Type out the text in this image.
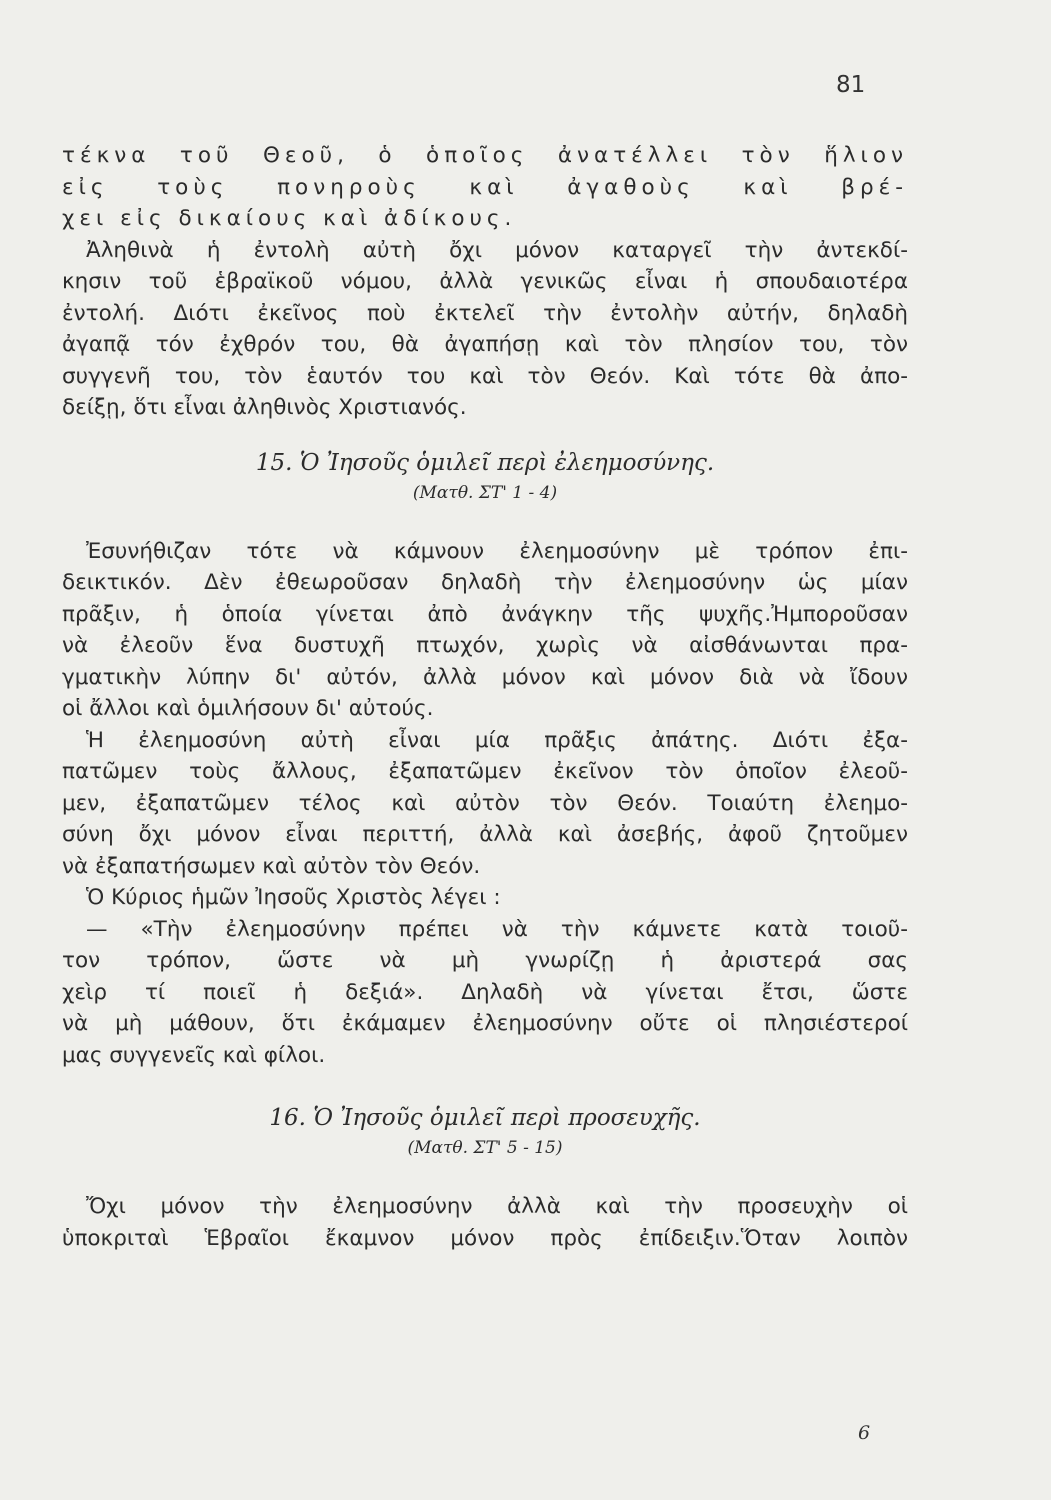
81
τέκνα τοῦ Θεοῦ, ὁ ὁποῖος ἀνατέλλει τὸν ἥλιον
εἰς τοὺς πονηροὺς καὶ ἀγαθοὺς καὶ βρέ-
χει εἰς δικαίους καὶ ἀδίκους.
Ἀληθινὰ ἡ ἐντολὴ αὐτὴ ὄχι μόνον καταργεῖ τὴν ἀντεκδί-
κησιν τοῦ ἑβραϊκοῦ νόμου, ἀλλὰ γενικῶς εἶναι ἡ σπουδαιοτέρα
ἐντολή. Διότι ἐκεῖνος ποὺ ἐκτελεῖ τὴν ἐντολὴν αὐτήν, δηλαδὴ
ἀγαπᾷ τόν ἐχθρόν του, θὰ ἀγαπήσῃ καὶ τὸν πλησίον του, τὸν
συγγενῆ του, τὸν ἑαυτόν του καὶ τὸν Θεόν. Καὶ τότε θὰ ἀπο-
δείξῃ, ὅτι εἶναι ἀληθινὸς Χριστιανός.
15. Ὁ Ἰησοῦς ὁμιλεῖ περὶ ἐλεημοσύνης.
(Ματθ. ΣΤ' 1 - 4)
Ἐσυνήθιζαν τότε νὰ κάμνουν ἐλεημοσύνην μὲ τρόπον ἐπι-
δεικτικόν. Δὲν ἐθεωροῦσαν δηλαδὴ τὴν ἐλεημοσύνην ὡς μίαν
πρᾶξιν, ἡ ὁποία γίνεται ἀπὸ ἀνάγκην τῆς ψυχῆς.Ἠμποροῦσαν
νὰ ἐλεοῦν ἕνα δυστυχῆ πτωχόν, χωρὶς νὰ αἰσθάνωνται πρα-
γματικὴν λύπην δι' αὐτόν, ἀλλὰ μόνον καὶ μόνον διὰ νὰ ἴδουν
οἱ ἄλλοι καὶ ὁμιλήσουν δι' αὐτούς.
Ἡ ἐλεημοσύνη αὐτὴ εἶναι μία πρᾶξις ἀπάτης. Διότι ἐξα-
πατῶμεν τοὺς ἄλλους, ἐξαπατῶμεν ἐκεῖνον τὸν ὁποῖον ἐλεοῦ-
μεν, ἐξαπατῶμεν τέλος καὶ αὐτὸν τὸν Θεόν. Τοιαύτη ἐλεημο-
σύνη ὄχι μόνον εἶναι περιττή, ἀλλὰ καὶ ἀσεβής, ἀφοῦ ζητοῦμεν
νὰ ἐξαπατήσωμεν καὶ αὐτὸν τὸν Θεόν.
Ὁ Κύριος ἡμῶν Ἰησοῦς Χριστὸς λέγει :
— «Τὴν ἐλεημοσύνην πρέπει νὰ τὴν κάμνετε κατὰ τοιοῦ-
τον τρόπον, ὥστε νὰ μὴ γνωρίζῃ ἡ ἀριστερά σας
χεὶρ τί ποιεῖ ἡ δεξιά». Δηλαδὴ νὰ γίνεται ἔτσι, ὥστε
νὰ μὴ μάθουν, ὅτι ἐκάμαμεν ἐλεημοσύνην οὔτε οἱ πλησιέστεροί
μας συγγενεῖς καὶ φίλοι.
16. Ὁ Ἰησοῦς ὁμιλεῖ περὶ προσευχῆς.
(Ματθ. ΣΤ' 5 - 15)
Ὄχι μόνον τὴν ἐλεημοσύνην ἀλλὰ καὶ τὴν προσευχὴν οἱ
ὑποκριταὶ Ἑβραῖοι ἔκαμνον μόνον πρὸς ἐπίδειξιν.Ὅταν λοιπὸν
6
